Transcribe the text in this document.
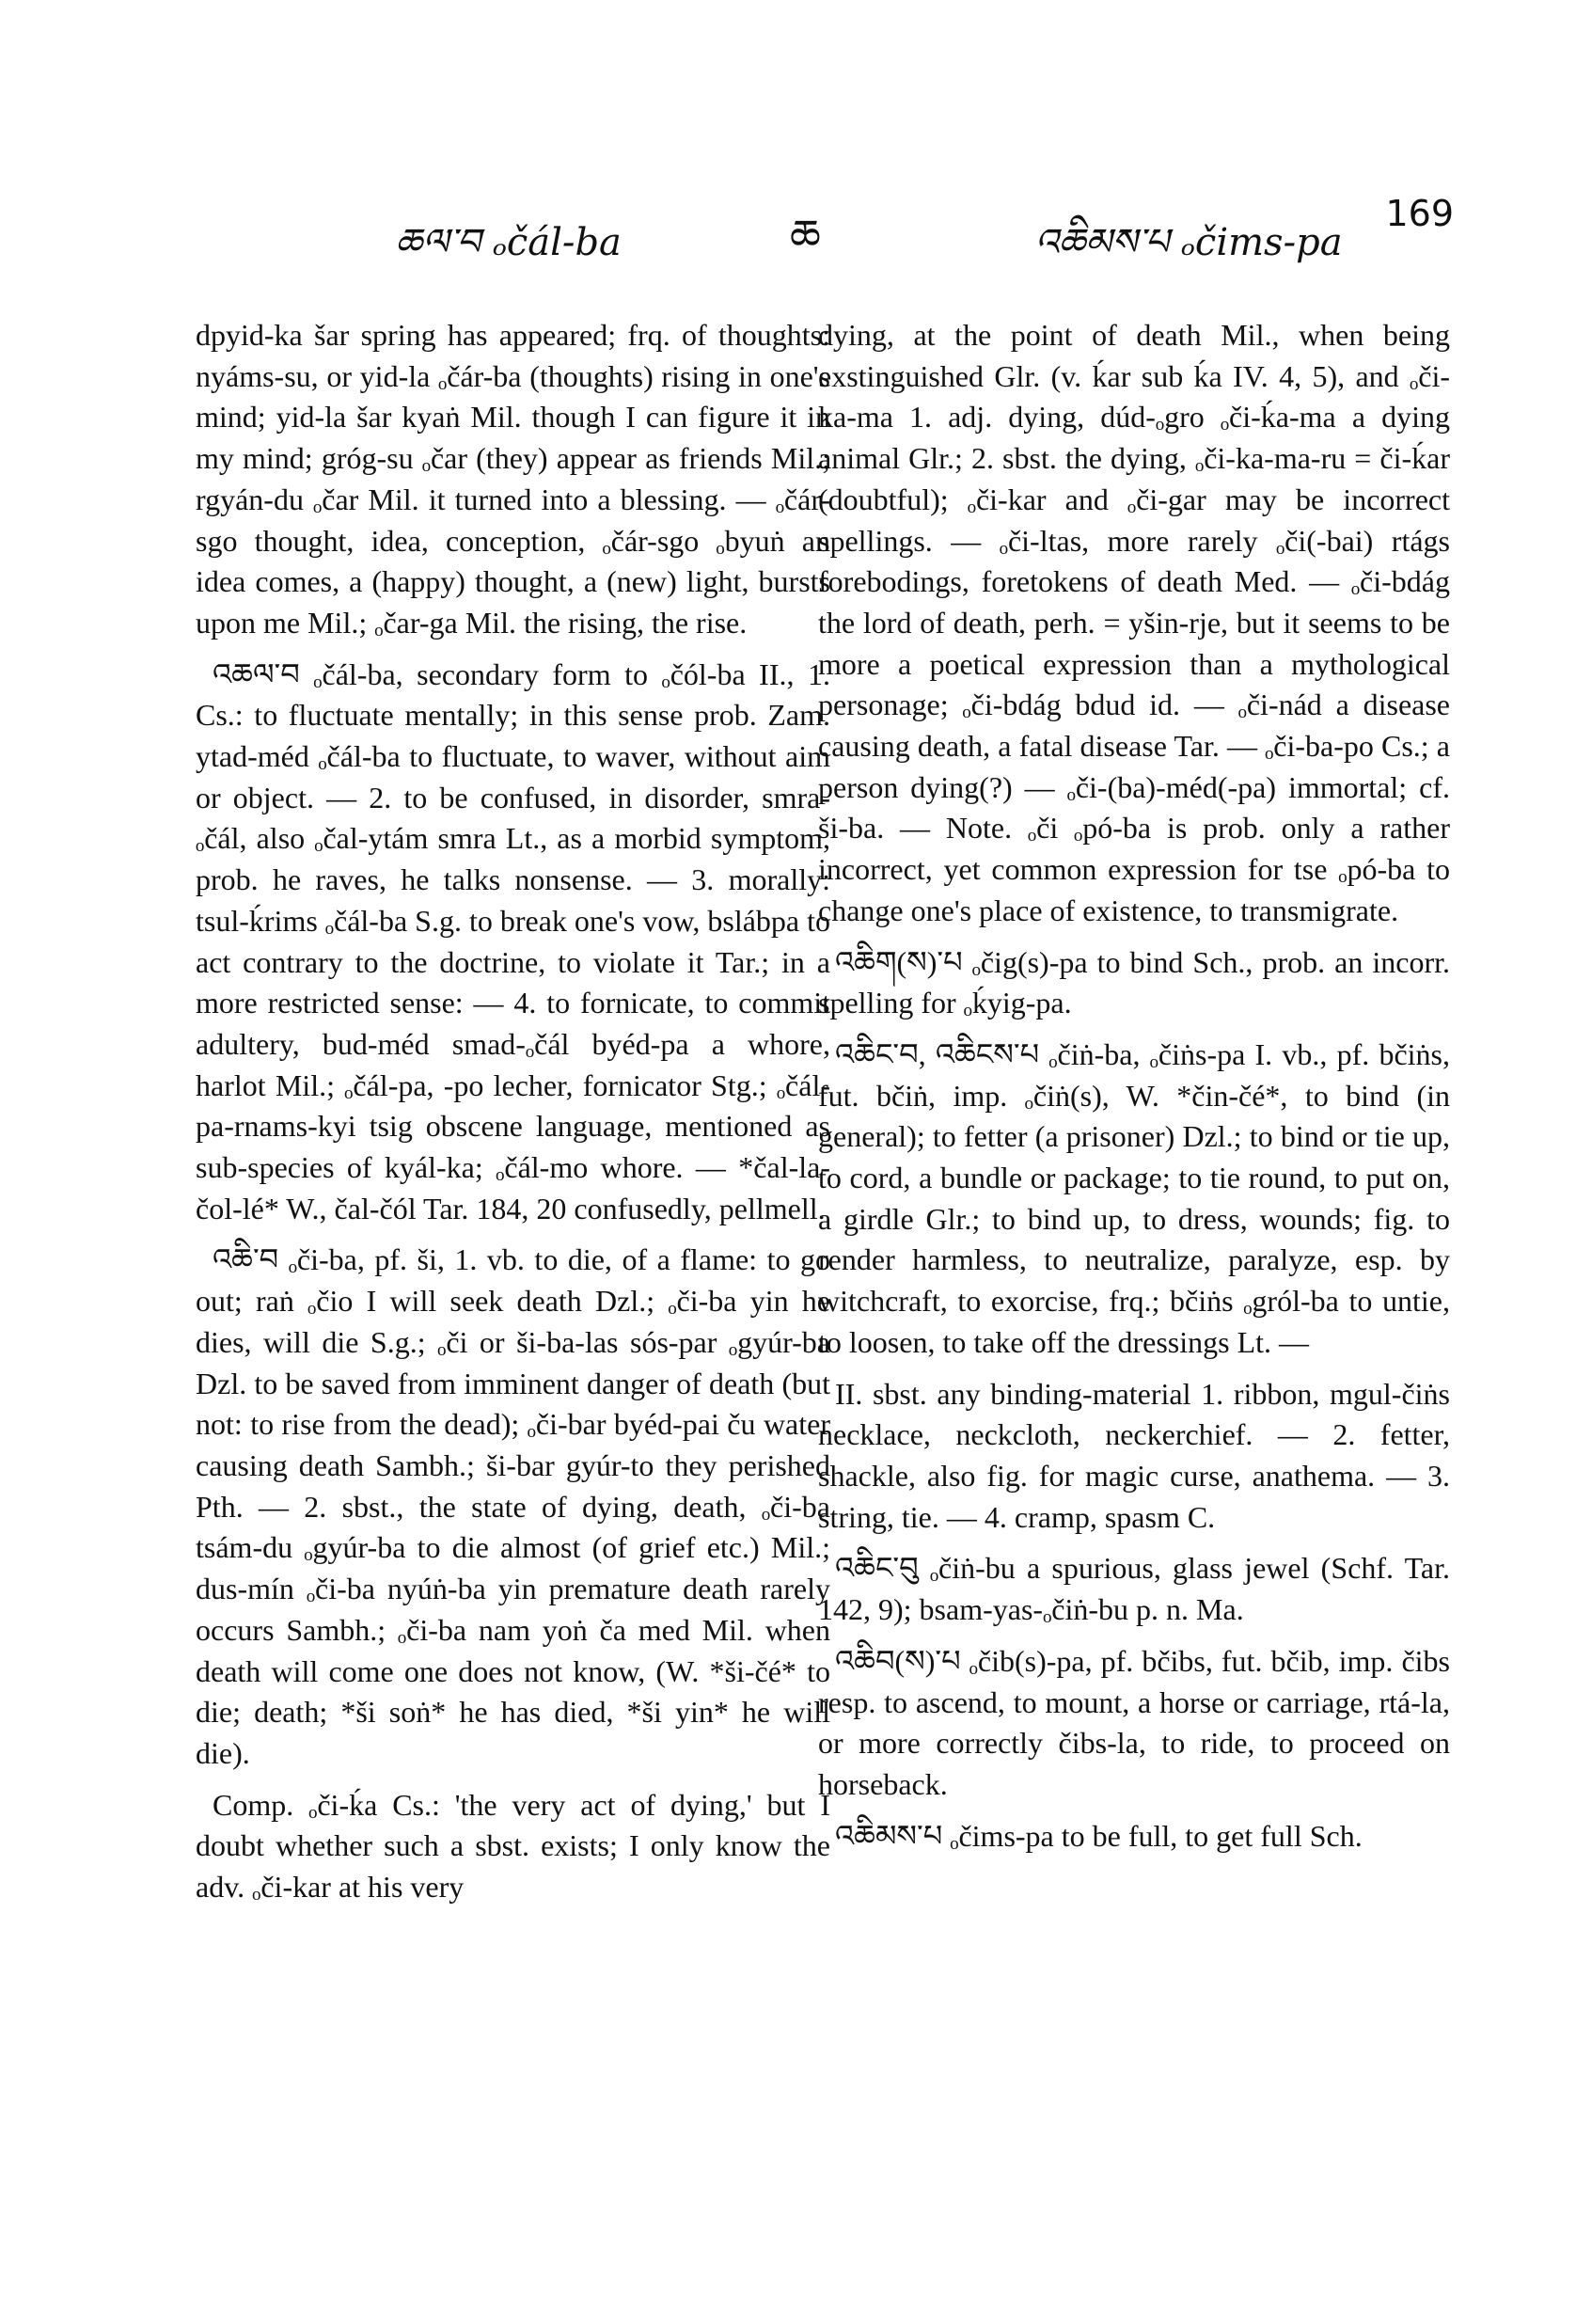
ཆལ་བ ₒčál-ba	ཆ	འཆིམས་པ ₒčims-pa
169

dpyid-ka šar spring has appeared; frq. of thoughts: nyáms-su, or yid-la ₒčár-ba (thoughts) rising in one's mind; yid-la šar kyaṅ Mil. though I can figure it in my mind; gróg-su ₒčar (they) appear as friends Mil.; rgyán-du ₒčar Mil. it turned into a blessing. — ₒčár-sgo thought, idea, conception, ₒčár-sgo ₒbyuṅ an idea comes, a (happy) thought, a (new) light, bursts upon me Mil.; ₒčar-ga Mil. the rising, the rise.

འཆལ་བ ₒčál-ba, secondary form to ₒčól-ba II., 1. Cs.: to fluctuate mentally; in this sense prob. Zam. ytad-méd ₒčál-ba to fluctuate, to waver, without aim or object. — 2. to be confused, in disorder, smra-ₒčál, also ₒčal-ytám smra Lt., as a morbid symptom, prob. he raves, he talks nonsense. — 3. morally: tsul-ḱrims ₒčál-ba S.g. to break one's vow, bslábpa to act contrary to the doctrine, to violate it Tar.; in a more restricted sense: — 4. to fornicate, to commit adultery, bud-méd smad-ₒčál byéd-pa a whore, harlot Mil.; ₒčál-pa, -po lecher, fornicator Stg.; ₒčál-pa-rnams-kyi tsig obscene language, mentioned as sub-species of kyál-ka; ₒčál-mo whore. — *čal-la-čol-lé* W., čal-čól Tar. 184, 20 confusedly, pellmell.

འཆི་བ ₒči-ba, pf. ši, 1. vb. to die, of a flame: to go out; raṅ ₒčio I will seek death Dzl.; ₒči-ba yin he dies, will die S.g.; ₒči or ši-ba-las sós-par ₒgyúr-ba Dzl. to be saved from imminent danger of death (but not: to rise from the dead); ₒči-bar byéd-pai ču water causing death Sambh.; ši-bar gyúr-to they perished Pth. — 2. sbst., the state of dying, death, ₒči-ba tsám-du ₒgyúr-ba to die almost (of grief etc.) Mil.; dus-mín ₒči-ba nyúṅ-ba yin premature death rarely occurs Sambh.; ₒči-ba nam yoṅ ča med Mil. when death will come one does not know, (W. *ši-čé* to die; death; *ši soṅ* he has died, *ši yin* he will die).

Comp. ₒči-ḱa Cs.: 'the very act of dying,' but I doubt whether such a sbst. exists; I only know the adv. ₒči-kar at his very

dying, at the point of death Mil., when being exstinguished Glr. (v. ḱar sub ḱa IV. 4, 5), and ₒči-ka-ma 1. adj. dying, dúd-ₒgro ₒči-ḱa-ma a dying animal Glr.; 2. sbst. the dying, ₒči-ka-ma-ru = či-ḱar (doubtful); ₒči-kar and ₒči-gar may be incorrect spellings. — ₒči-ltas, more rarely ₒči(-bai) rtágs forebodings, foretokens of death Med. — ₒči-bdág the lord of death, perh. = yšin-rje, but it seems to be more a poetical expression than a mythological personage; ₒči-bdág bdud id. — ₒči-nád a disease causing death, a fatal disease Tar. — ₒči-ba-po Cs.; a person dying(?) — ₒči-(ba)-méd(-pa) immortal; cf. ši-ba. — Note. ₒči ₒpó-ba is prob. only a rather incorrect, yet common expression for tse ₒpó-ba to change one's place of existence, to transmigrate.

འཆིག(ས)་པ ₒčig(s)-pa to bind Sch., prob. an incorr. spelling for ₒḱyig-pa.

འཆིང་བ, འཆིངས་པ ₒčiṅ-ba, ₒčiṅs-pa I. vb., pf. bčiṅs, fut. bčiṅ, imp. ₒčiṅ(s), W. *čin-čé*, to bind (in general); to fetter (a prisoner) Dzl.; to bind or tie up, to cord, a bundle or package; to tie round, to put on, a girdle Glr.; to bind up, to dress, wounds; fig. to render harmless, to neutralize, paralyze, esp. by witchcraft, to exorcise, frq.; bčiṅs ₒgról-ba to untie, to loosen, to take off the dressings Lt. —

II. sbst. any binding-material 1. ribbon, mgul-čiṅs necklace, neckcloth, neckerchief. — 2. fetter, shackle, also fig. for magic curse, anathema. — 3. string, tie. — 4. cramp, spasm C.

འཆིང་བུ ₒčiṅ-bu a spurious, glass jewel (Schf. Tar. 142, 9); bsam-yas-ₒčiṅ-bu p. n. Ma.

འཆིབ(ས)་པ ₒčib(s)-pa, pf. bčibs, fut. bčib, imp. čibs resp. to ascend, to mount, a horse or carriage, rtá-la, or more correctly čibs-la, to ride, to proceed on horseback.

འཆིམས་པ ₒčims-pa to be full, to get full Sch.
